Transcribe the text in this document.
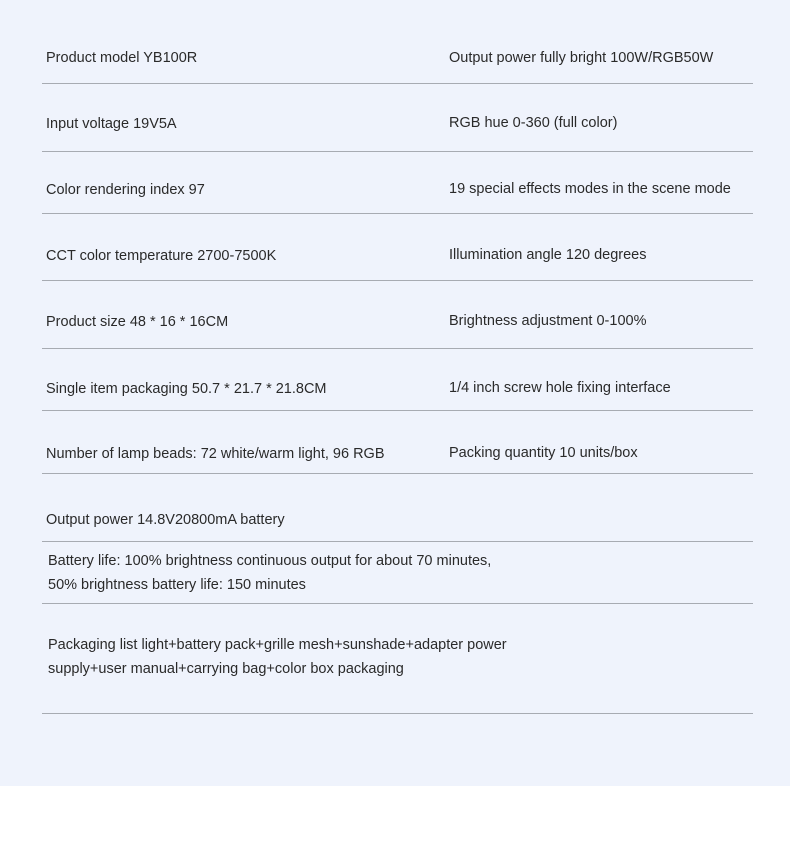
Product model YB100R	Output power fully bright 100W/RGB50W
Input voltage 19V5A	RGB hue 0-360 (full color)
Color rendering index 97	19 special effects modes in the scene mode
CCT color temperature 2700-7500K	Illumination angle 120 degrees
Product size 48 * 16 * 16CM	Brightness adjustment 0-100%
Single item packaging 50.7 * 21.7 * 21.8CM	1/4 inch screw hole fixing interface
Number of lamp beads: 72 white/warm light, 96 RGB	Packing quantity 10 units/box
Output power 14.8V20800mA battery
Battery life: 100% brightness continuous output for about 70 minutes,
50% brightness battery life: 150 minutes
Packaging list light+battery pack+grille mesh+sunshade+adapter power
supply+user manual+carrying bag+color box packaging
